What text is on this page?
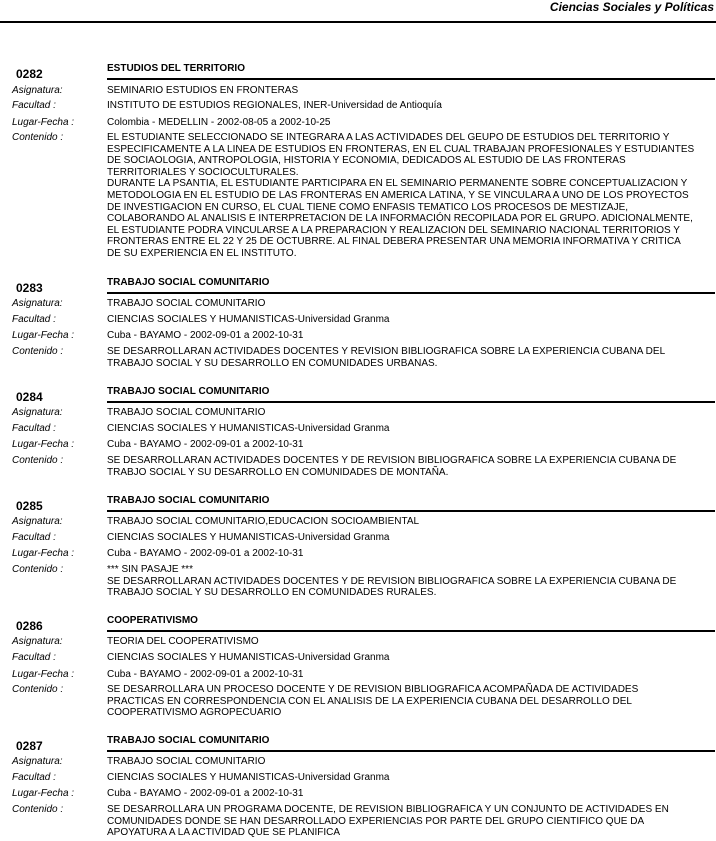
Ciencias Sociales y Políticas
0282	ESTUDIOS DEL TERRITORIO
Asignatura:	SEMINARIO ESTUDIOS EN FRONTERAS
Facultad :	INSTITUTO DE ESTUDIOS REGIONALES, INER-Universidad de Antioquía
Lugar-Fecha :	Colombia - MEDELLIN - 2002-08-05 a 2002-10-25
Contenido :	EL ESTUDIANTE SELECCIONADO SE INTEGRARA A LAS ACTIVIDADES DEL GEUPO DE ESTUDIOS DEL TERRITORIO Y
ESPECIFICAMENTE A LA LINEA DE ESTUDIOS EN FRONTERAS, EN EL CUAL TRABAJAN PROFESIONALES Y ESTUDIANTES
DE SOCIAOLOGIA, ANTROPOLOGIA, HISTORIA Y ECONOMIA, DEDICADOS AL ESTUDIO DE LAS FRONTERAS
TERRITORIALES Y SOCIOCULTURALES.
DURANTE LA PSANTIA, EL ESTUDIANTE PARTICIPARA EN EL SEMINARIO PERMANENTE SOBRE CONCEPTUALIZACION Y
METODOLOGIA EN EL ESTUDIO DE LAS FRONTERAS EN AMERICA LATINA, Y SE VINCULARA A UNO DE LOS PROYECTOS
DE INVESTIGACION EN CURSO, EL CUAL TIENE COMO ENFASIS TEMATICO LOS PROCESOS DE MESTIZAJE,
COLABORANDO AL ANALISIS E INTERPRETACION DE LA INFORMACIÓN RECOPILADA POR EL GRUPO. ADICIONALMENTE,
EL ESTUDIANTE PODRA VINCULARSE A LA PREPARACION Y REALIZACION DEL SEMINARIO NACIONAL TERRITORIOS Y
FRONTERAS ENTRE EL 22 Y 25 DE OCTUBRRE. AL FINAL DEBERA PRESENTAR UNA MEMORIA INFORMATIVA Y CRITICA
DE SU EXPERIENCIA EN EL INSTITUTO.
0283	TRABAJO SOCIAL COMUNITARIO
Asignatura:	TRABAJO SOCIAL COMUNITARIO
Facultad :	CIENCIAS SOCIALES Y HUMANISTICAS-Universidad Granma
Lugar-Fecha :	Cuba - BAYAMO - 2002-09-01 a 2002-10-31
Contenido :	SE DESARROLLARAN ACTIVIDADES DOCENTES Y REVISION BIBLIOGRAFICA SOBRE LA EXPERIENCIA CUBANA DEL
TRABAJO SOCIAL Y SU DESARROLLO EN COMUNIDADES URBANAS.
0284	TRABAJO SOCIAL COMUNITARIO
Asignatura:	TRABAJO SOCIAL COMUNITARIO
Facultad :	CIENCIAS SOCIALES Y HUMANISTICAS-Universidad Granma
Lugar-Fecha :	Cuba - BAYAMO - 2002-09-01 a 2002-10-31
Contenido :	SE DESARROLLARAN ACTIVIDADES DOCENTES Y DE REVISION BIBLIOGRAFICA SOBRE LA EXPERIENCIA CUBANA DE
TRABJO SOCIAL Y SU DESARROLLO EN COMUNIDADES DE MONTAÑA.
0285	TRABAJO SOCIAL COMUNITARIO
Asignatura:	TRABAJO SOCIAL COMUNITARIO,EDUCACION SOCIOAMBIENTAL
Facultad :	CIENCIAS SOCIALES Y HUMANISTICAS-Universidad Granma
Lugar-Fecha :	Cuba - BAYAMO - 2002-09-01 a 2002-10-31
Contenido :	*** SIN PASAJE ***
SE DESARROLLARAN ACTIVIDADES DOCENTES Y DE REVISION BIBLIOGRAFICA SOBRE LA EXPERIENCIA CUBANA DE
TRABAJO SOCIAL Y SU DESARROLLO EN COMUNIDADES RURALES.
0286	COOPERATIVISMO
Asignatura:	TEORIA DEL COOPERATIVISMO
Facultad :	CIENCIAS SOCIALES Y HUMANISTICAS-Universidad Granma
Lugar-Fecha :	Cuba - BAYAMO - 2002-09-01 a 2002-10-31
Contenido :	SE DESARROLLARA UN PROCESO DOCENTE Y DE REVISION BIBLIOGRAFICA ACOMPAÑADA DE ACTIVIDADES
PRACTICAS EN CORRESPONDENCIA CON EL ANALISIS DE LA EXPERIENCIA CUBANA DEL DESARROLLO DEL
COOPERATIVISMO AGROPECUARIO
0287	TRABAJO SOCIAL COMUNITARIO
Asignatura:	TRABAJO SOCIAL COMUNITARIO
Facultad :	CIENCIAS SOCIALES Y HUMANISTICAS-Universidad Granma
Lugar-Fecha :	Cuba - BAYAMO - 2002-09-01 a 2002-10-31
Contenido :	SE DESARROLLARA UN PROGRAMA DOCENTE, DE REVISION BIBLIOGRAFICA Y UN CONJUNTO DE ACTIVIDADES EN
COMUNIDADES DONDE SE HAN DESARROLLADO EXPERIENCIAS POR PARTE DEL GRUPO CIENTIFICO QUE DA
APOYATURA A LA ACTIVIDAD QUE SE PLANIFICA
